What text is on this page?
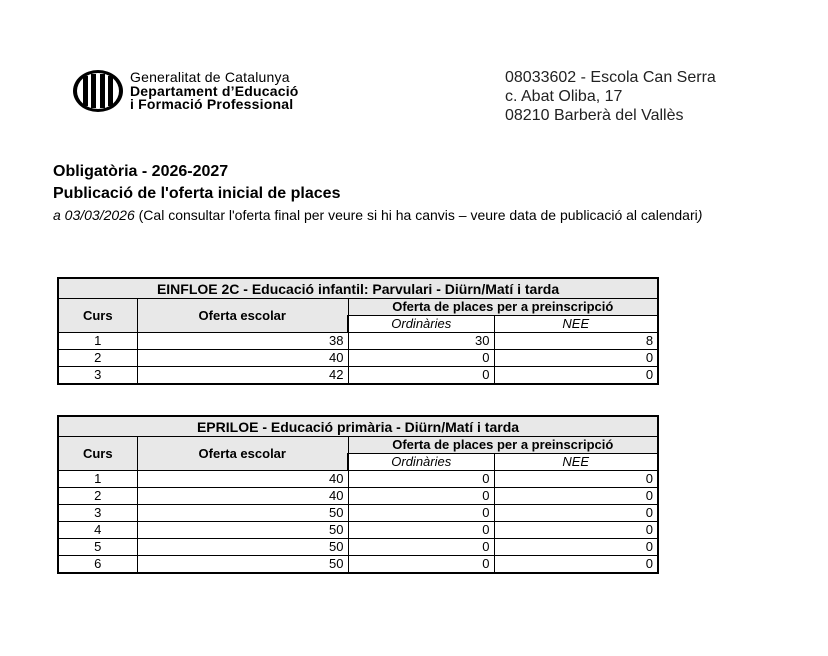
Generalitat de Catalunya
Departament d’Educació
i Formació Professional
08033602 - Escola Can Serra
c. Abat Oliba, 17
08210 Barberà del Vallès
Obligatòria - 2026-2027
Publicació de l'oferta inicial de places
a 03/03/2026 (Cal consultar l'oferta final per veure si hi ha canvis – veure data de publicació al calendari)
EINFLOE 2C - Educació infantil: Parvulari - Diürn/Matí i tarda			
Curs	Oferta escolar	Oferta de places per a preinscripció	
		Ordinàries	NEE
1	38	30	8
2	40	0	0
3	42	0	0
EPRILOE - Educació primària - Diürn/Matí i tarda			
Curs	Oferta escolar	Oferta de places per a preinscripció	
		Ordinàries	NEE
1	40	0	0
2	40	0	0
3	50	0	0
4	50	0	0
5	50	0	0
6	50	0	0
